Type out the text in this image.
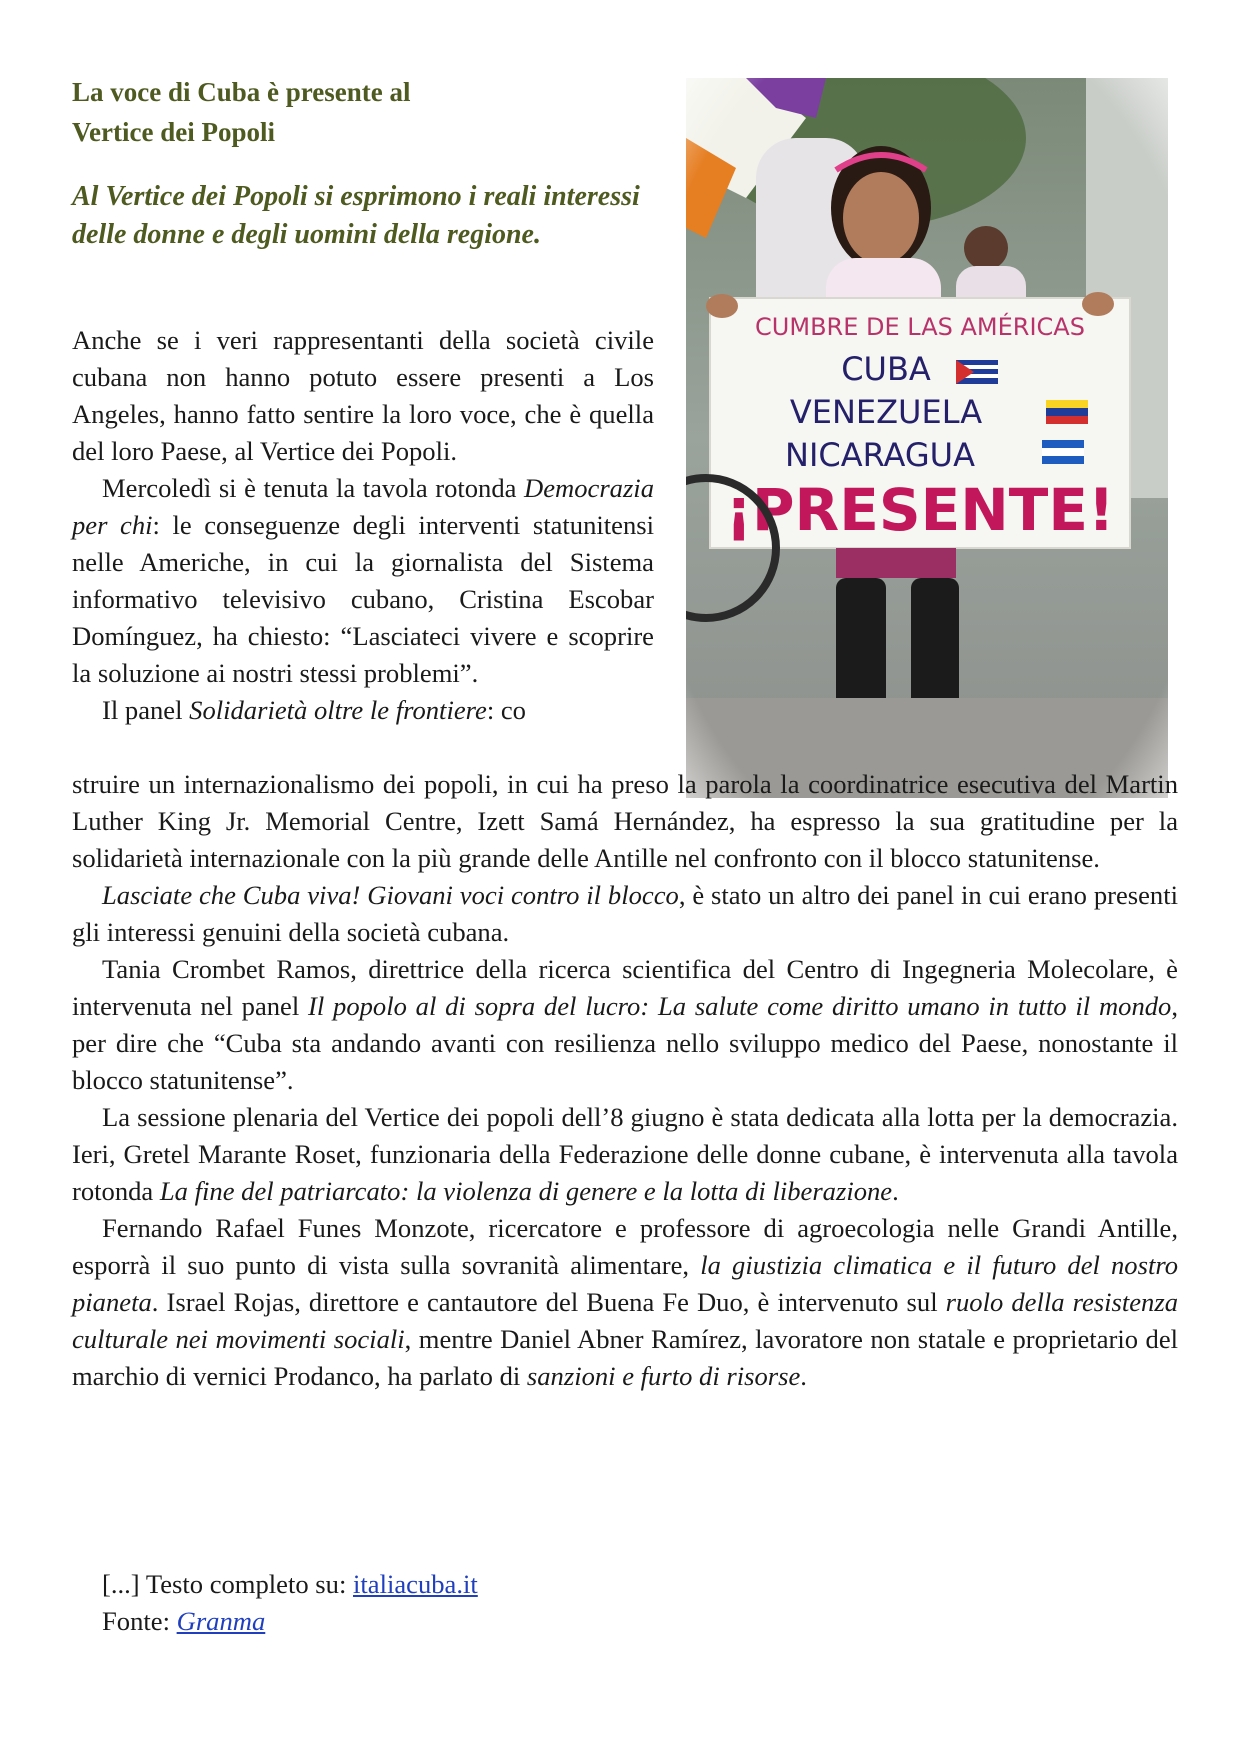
La voce di Cuba è presente al
Vertice dei Popoli
Al Vertice dei Popoli si esprimono i reali interessi delle donne e degli uomini della regione.

Anche se i veri rappresentanti della società civile cubana non hanno potuto essere presenti a Los Angeles, hanno fatto sentire la loro voce, che è quella del loro Paese, al Vertice dei Popoli.

Mercoledì si è tenuta la tavola rotonda Democrazia per chi: le conseguenze degli interventi statunitensi nelle Americhe, in cui la giornalista del Sistema informativo televisivo cubano, Cristina Escobar Domínguez, ha chiesto: “Lasciateci vivere e scoprire la soluzione ai nostri stessi problemi”.

Il panel Solidarietà oltre le frontiere: co

struire un internazionalismo dei popoli, in cui ha preso la parola la coordinatrice esecutiva del Martin Luther King Jr. Memorial Centre, Izett Samá Hernández, ha espresso la sua gratitudine per la solidarietà internazionale con la più grande delle Antille nel confronto con il blocco statunitense.

Lasciate che Cuba viva! Giovani voci contro il blocco, è stato un altro dei panel in cui erano presenti gli interessi genuini della società cubana.

Tania Crombet Ramos, direttrice della ricerca scientifica del Centro di Ingegneria Molecolare, è intervenuta nel panel Il popolo al di sopra del lucro: La salute come diritto umano in tutto il mondo, per dire che “Cuba sta andando avanti con resilienza nello sviluppo medico del Paese, nonostante il blocco statunitense”.

La sessione plenaria del Vertice dei popoli dell’8 giugno è stata dedicata alla lotta per la democrazia. Ieri, Gretel Marante Roset, funzionaria della Federazione delle donne cubane, è intervenuta alla tavola rotonda La fine del patriarcato: la violenza di genere e la lotta di liberazione.

Fernando Rafael Funes Monzote, ricercatore e professore di agroecologia nelle Grandi Antille, esporrà il suo punto di vista sulla sovranità alimentare, la giustizia climatica e il futuro del nostro pianeta. Israel Rojas, direttore e cantautore del Buena Fe Duo, è intervenuto sul ruolo della resistenza culturale nei movimenti sociali, mentre Daniel Abner Ramírez, lavoratore non statale e proprietario del marchio di vernici Prodanco, ha parlato di sanzioni e furto di risorse.

[...] Testo completo su: italiacuba.it
Fonte: Granma
